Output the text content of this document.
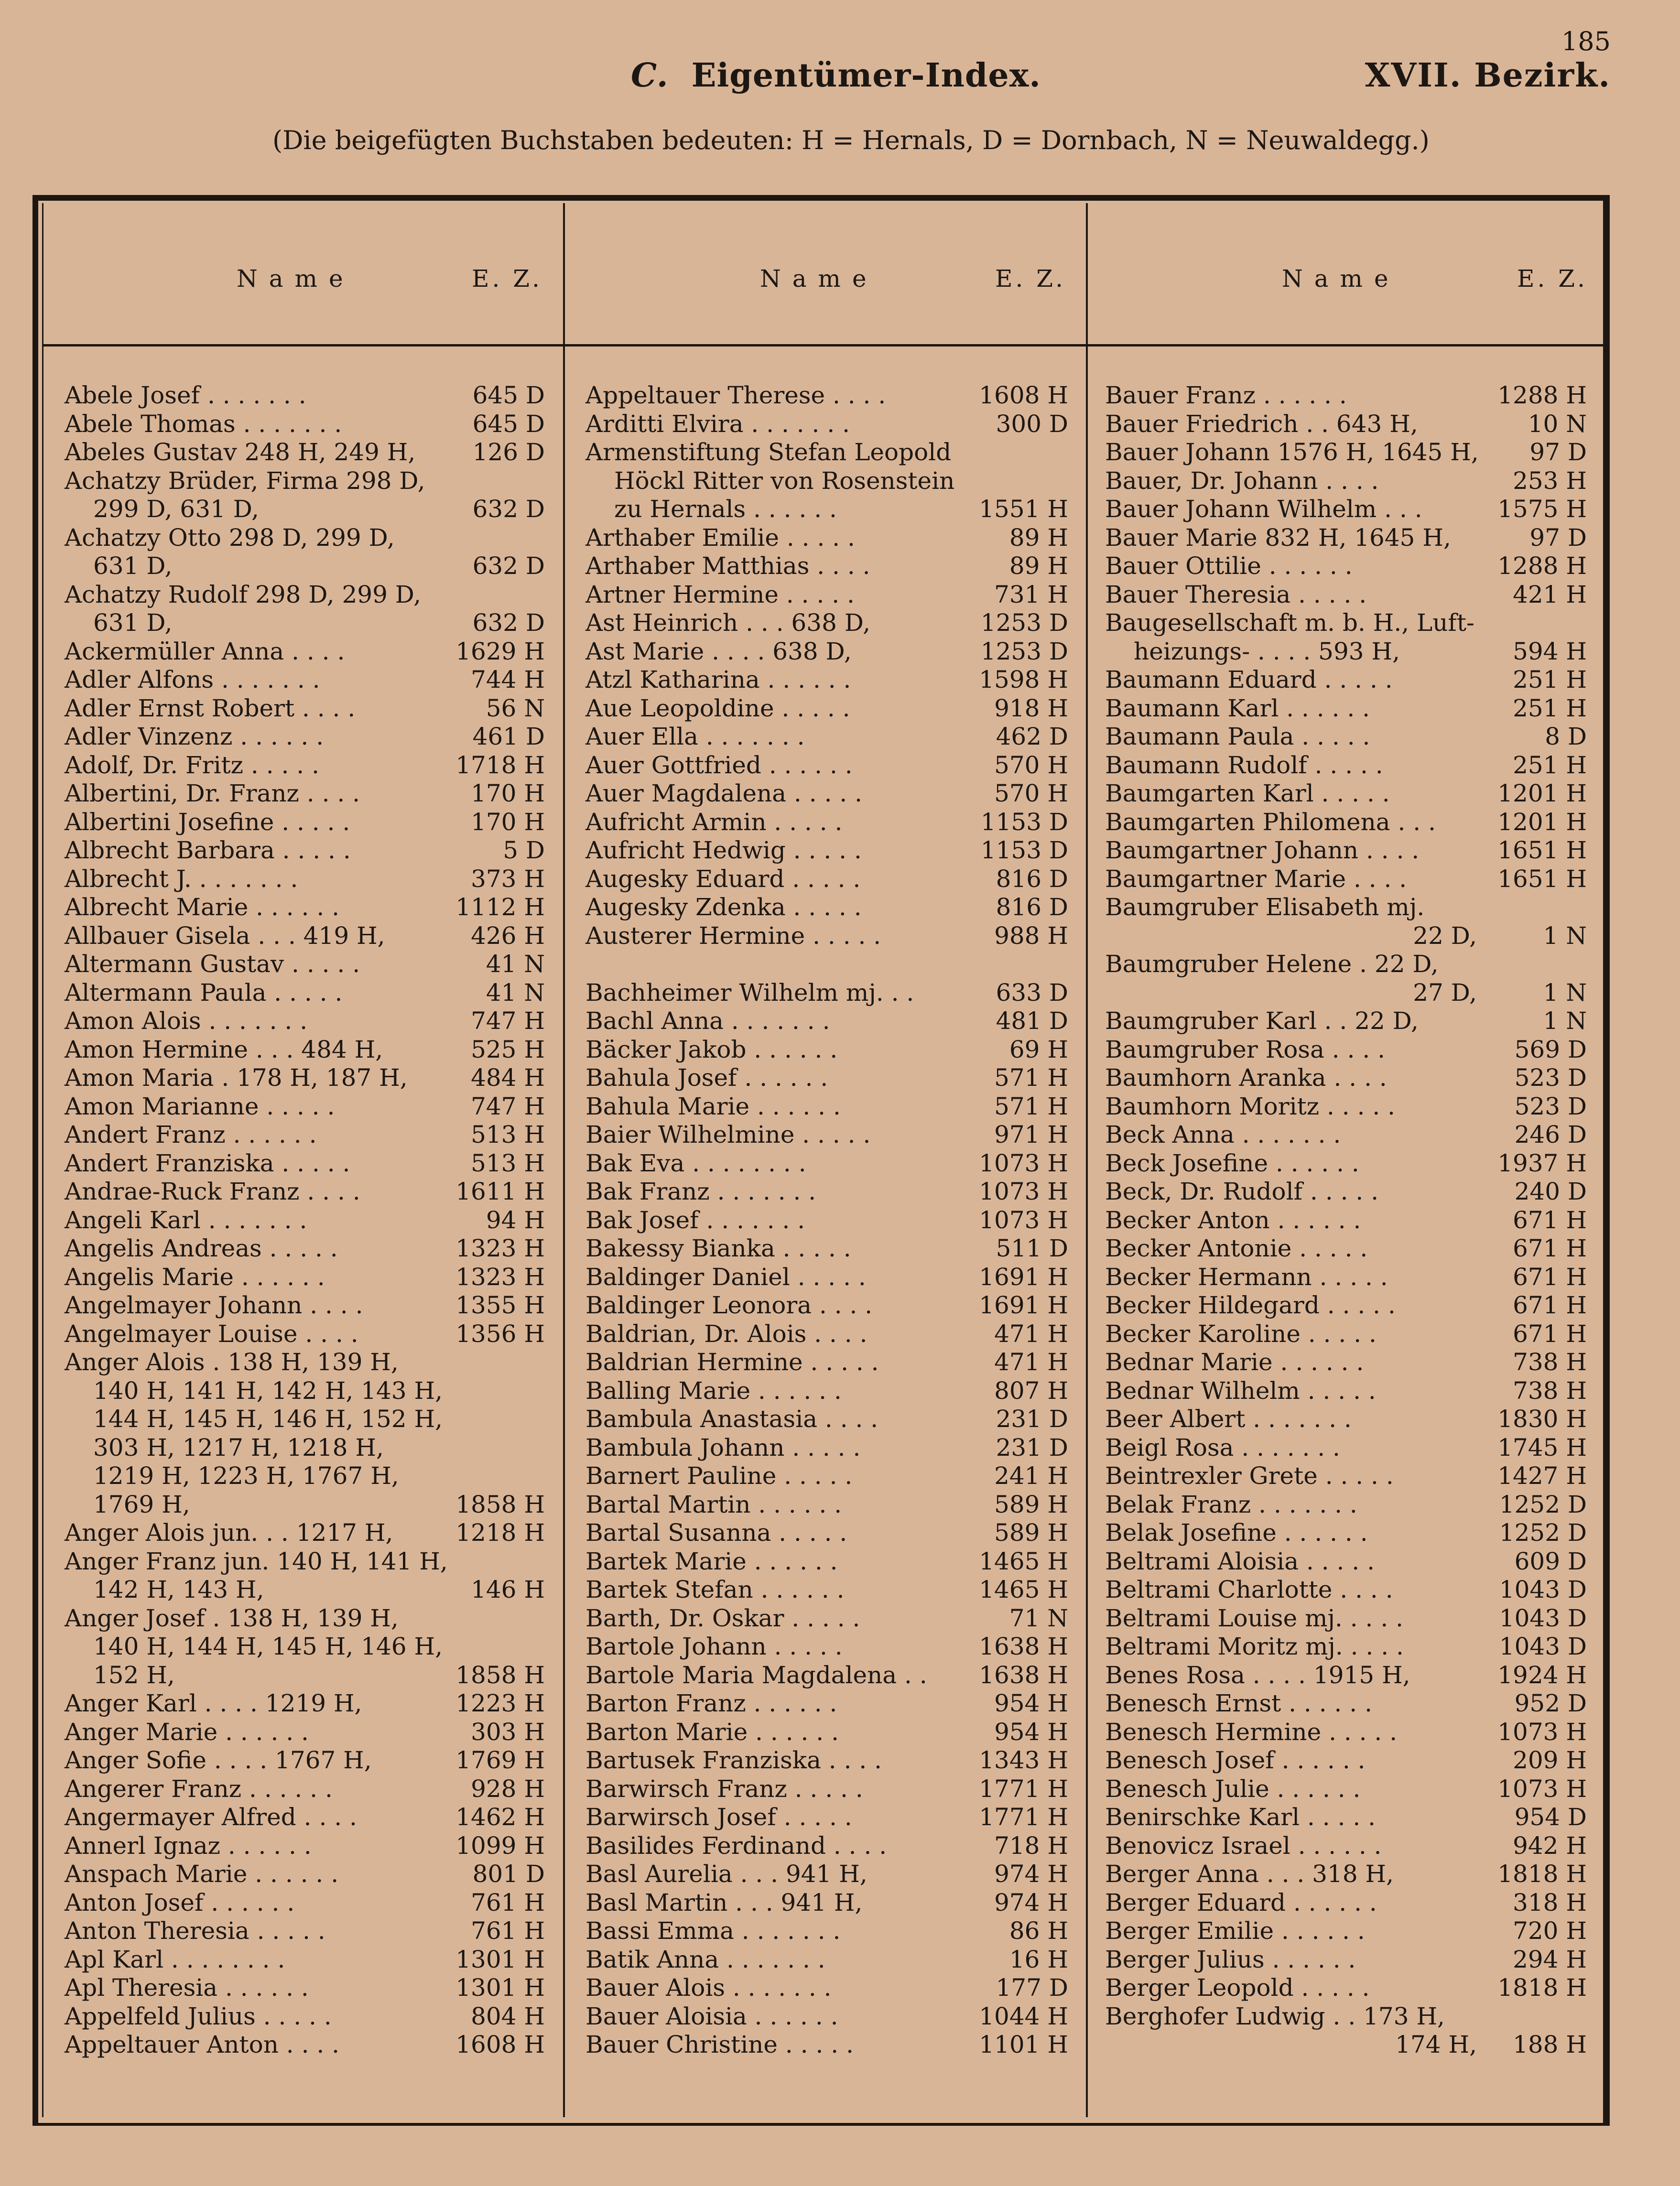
185
C. Eigentümer-Index.	XVII. Bezirk.
(Die beigefügten Buchstaben bedeuten: H = Hernals, D = Dornbach, N = Neuwaldegg.)
Name	E. Z.	Name	E. Z.	Name	E. Z.
Abele Josef . . . . . . .	645 D
Abele Thomas . . . . . . .	645 D
Abeles Gustav 248 H, 249 H, 126 D
Achatzy Brüder, Firma 298 D,
299 D, 631 D,	632 D
Achatzy Otto 298 D, 299 D,
631 D,	632 D
Achatzy Rudolf 298 D, 299 D,
631 D,	632 D
Ackermüller Anna . . . .	1629 H
Adler Alfons . . . . . . .	744 H
Adler Ernst Robert . . . .	56 N
Adler Vinzenz . . . . . .	461 D
Adolf, Dr. Fritz . . . . .	1718 H
Albertini, Dr. Franz . . . .	170 H
Albertini Josefine . . . . .	170 H
Albrecht Barbara . . . . .	5 D
Albrecht J. . . . . . . .	373 H
Albrecht Marie . . . . . .	1112 H
Allbauer Gisela . . . 419 H,	426 H
Altermann Gustav . . . . .	41 N
Altermann Paula . . . . .	41 N
Amon Alois . . . . . . .	747 H
Amon Hermine . . . 484 H,	525 H
Amon Maria . 178 H, 187 H,	484 H
Amon Marianne . . . . .	747 H
Andert Franz . . . . . .	513 H
Andert Franziska . . . . .	513 H
Andrae-Ruck Franz . . . .	1611 H
Angeli Karl . . . . . . .	94 H
Angelis Andreas . . . . .	1323 H
Angelis Marie . . . . . .	1323 H
Angelmayer Johann . . . .	1355 H
Angelmayer Louise . . . .	1356 H
Anger Alois . 138 H, 139 H,
140 H, 141 H, 142 H, 143 H,
144 H, 145 H, 146 H, 152 H,
303 H, 1217 H, 1218 H,
1219 H, 1223 H, 1767 H,
1769 H,	1858 H
Anger Alois jun. . . 1217 H,	1218 H
Anger Franz jun. 140 H, 141 H,
142 H, 143 H,	146 H
Anger Josef . 138 H, 139 H,
140 H, 144 H, 145 H, 146 H,
152 H,	1858 H
Anger Karl . . . . 1219 H,	1223 H
Anger Marie . . . . . .	303 H
Anger Sofie . . . . 1767 H,	1769 H
Angerer Franz . . . . . .	928 H
Angermayer Alfred . . . .	1462 H
Annerl Ignaz . . . . . .	1099 H
Anspach Marie . . . . . .	801 D
Anton Josef . . . . . .	761 H
Anton Theresia . . . . .	761 H
Apl Karl . . . . . . . .	1301 H
Apl Theresia . . . . . .	1301 H
Appelfeld Julius . . . . .	804 H
Appeltauer Anton . . . .	1608 H
Appeltauer Therese . . . .	1608 H
Arditti Elvira . . . . . . .	300 D
Armenstiftung Stefan Leopold
Höckl Ritter von Rosenstein
zu Hernals . . . . . .	1551 H
Arthaber Emilie . . . . .	89 H
Arthaber Matthias . . . .	89 H
Artner Hermine . . . . .	731 H
Ast Heinrich . . . 638 D,	1253 D
Ast Marie . . . . 638 D,	1253 D
Atzl Katharina . . . . . .	1598 H
Aue Leopoldine . . . . .	918 H
Auer Ella . . . . . . .	462 D
Auer Gottfried . . . . . .	570 H
Auer Magdalena . . . . .	570 H
Aufricht Armin . . . . .	1153 D
Aufricht Hedwig . . . . .	1153 D
Augesky Eduard . . . . .	816 D
Augesky Zdenka . . . . .	816 D
Austerer Hermine . . . . .	988 H
Bachheimer Wilhelm mj. . .	633 D
Bachl Anna . . . . . . .	481 D
Bäcker Jakob . . . . . .	69 H
Bahula Josef . . . . . .	571 H
Bahula Marie . . . . . .	571 H
Baier Wilhelmine . . . . .	971 H
Bak Eva . . . . . . . .	1073 H
Bak Franz . . . . . . .	1073 H
Bak Josef . . . . . . .	1073 H
Bakessy Bianka . . . . .	511 D
Baldinger Daniel . . . . .	1691 H
Baldinger Leonora . . . .	1691 H
Baldrian, Dr. Alois . . . .	471 H
Baldrian Hermine . . . . .	471 H
Balling Marie . . . . . .	807 H
Bambula Anastasia . . . .	231 D
Bambula Johann . . . . .	231 D
Barnert Pauline . . . . .	241 H
Bartal Martin . . . . . .	589 H
Bartal Susanna . . . . .	589 H
Bartek Marie . . . . . .	1465 H
Bartek Stefan . . . . . .	1465 H
Barth, Dr. Oskar . . . . .	71 N
Bartole Johann . . . . .	1638 H
Bartole Maria Magdalena . . 1638 H
Barton Franz . . . . . .	954 H
Barton Marie . . . . . .	954 H
Bartusek Franziska . . . .	1343 H
Barwirsch Franz . . . . .	1771 H
Barwirsch Josef . . . . .	1771 H
Basilides Ferdinand . . . .	718 H
Basl Aurelia . . . 941 H,	974 H
Basl Martin . . . 941 H,	974 H
Bassi Emma . . . . . . .	86 H
Batik Anna . . . . . . .	16 H
Bauer Alois . . . . . . .	177 D
Bauer Aloisia . . . . . .	1044 H
Bauer Christine . . . . .	1101 H
Bauer Franz . . . . . .	1288 H
Bauer Friedrich . . 643 H,	10 N
Bauer Johann 1576 H, 1645 H, 97 D
Bauer, Dr. Johann . . . .	253 H
Bauer Johann Wilhelm . . .	1575 H
Bauer Marie 832 H, 1645 H,	97 D
Bauer Ottilie . . . . . .	1288 H
Bauer Theresia . . . . .	421 H
Baugesellschaft m. b. H., Luft-
heizungs- . . . . 593 H,	594 H
Baumann Eduard . . . . .	251 H
Baumann Karl . . . . . .	251 H
Baumann Paula . . . . .	8 D
Baumann Rudolf . . . . .	251 H
Baumgarten Karl . . . . .	1201 H
Baumgarten Philomena . . .	1201 H
Baumgartner Johann . . . .	1651 H
Baumgartner Marie . . . .	1651 H
Baumgruber Elisabeth mj.
22 D,	1 N
Baumgruber Helene . 22 D,
27 D,	1 N
Baumgruber Karl . . 22 D,	1 N
Baumgruber Rosa . . . .	569 D
Baumhorn Aranka . . . .	523 D
Baumhorn Moritz . . . . .	523 D
Beck Anna . . . . . . .	246 D
Beck Josefine . . . . . .	1937 H
Beck, Dr. Rudolf . . . . .	240 D
Becker Anton . . . . . .	671 H
Becker Antonie . . . . .	671 H
Becker Hermann . . . . .	671 H
Becker Hildegard . . . . .	671 H
Becker Karoline . . . . .	671 H
Bednar Marie . . . . . .	738 H
Bednar Wilhelm . . . . .	738 H
Beer Albert . . . . . . .	1830 H
Beigl Rosa . . . . . . .	1745 H
Beintrexler Grete . . . . .	1427 H
Belak Franz . . . . . . .	1252 D
Belak Josefine . . . . . .	1252 D
Beltrami Aloisia . . . . .	609 D
Beltrami Charlotte . . . .	1043 D
Beltrami Louise mj. . . . .	1043 D
Beltrami Moritz mj. . . . .	1043 D
Benes Rosa . . . . 1915 H,	1924 H
Benesch Ernst . . . . . .	952 D
Benesch Hermine . . . . .	1073 H
Benesch Josef . . . . . .	209 H
Benesch Julie . . . . . .	1073 H
Benirschke Karl . . . . .	954 D
Benovicz Israel . . . . . .	942 H
Berger Anna . . . 318 H,	1818 H
Berger Eduard . . . . . .	318 H
Berger Emilie . . . . . .	720 H
Berger Julius . . . . . .	294 H
Berger Leopold . . . . .	1818 H
Berghofer Ludwig . . 173 H,
174 H, 188 H
